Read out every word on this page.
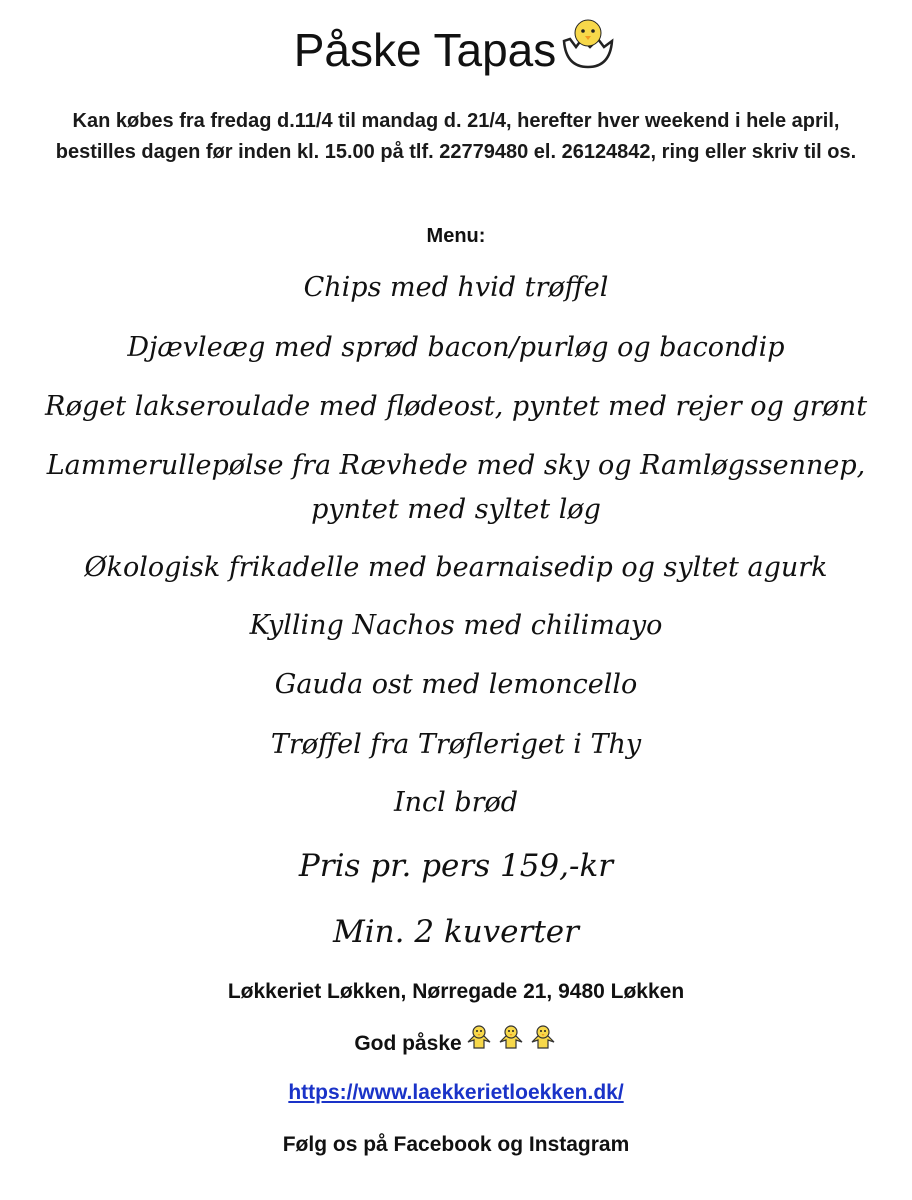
Påske Tapas
Kan købes fra fredag d.11/4 til mandag d. 21/4, herefter hver weekend i hele april, bestilles dagen før inden kl. 15.00 på tlf. 22779480 el. 26124842, ring eller skriv til os.
Menu:
Chips med hvid trøffel
Djævleæg med sprød bacon/purløg og bacondip
Røget lakseroulade med flødeost, pyntet med rejer og grønt
Lammerullepølse fra Rævhede med sky og Ramløgssennep,
pyntet med syltet løg
Økologisk frikadelle med bearnaisedip og syltet agurk
Kylling Nachos med chilimayo
Gauda ost med lemoncello
Trøffel fra Trøfleriget i Thy
Incl brød
Pris pr. pers 159,-kr
Min. 2 kuverter
Løkkeriet Løkken, Nørregade 21, 9480 Løkken
God påske
https://www.laekkerietloekken.dk/
Følg os på Facebook og Instagram
